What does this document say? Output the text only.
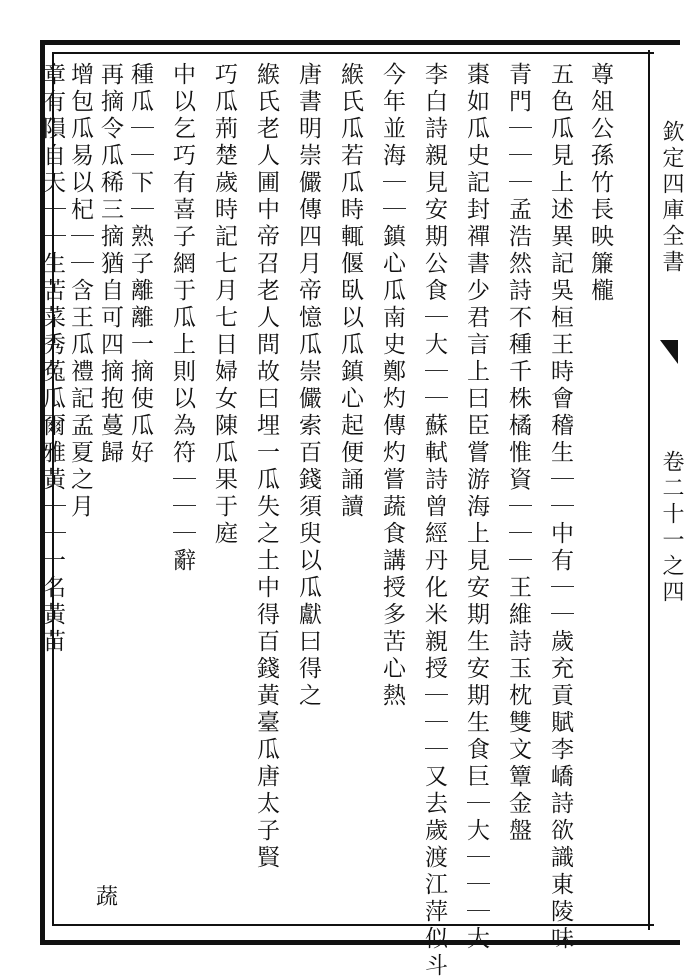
欽定四庫全書
卷二十一之四
尊俎公孫竹長映簾櫳
五色瓜見上述異記吳桓王時會稽生｜｜中有｜｜歲充貢賦李嶠詩欲識東陵味
青門｜｜｜孟浩然詩不種千株橘惟資｜｜｜王維詩玉枕雙文簟金盤
棗如瓜史記封禪書少君言上曰臣嘗游海上見安期生安期生食巨｜大｜｜｜大
李白詩親見安期公食｜大｜｜蘇軾詩曾經丹化米親授｜｜｜又去歲渡江萍似斗
今年並海｜｜鎮心瓜南史鄭灼傳灼嘗蔬食講授多苦心熱
緱氏瓜若瓜時輒偃臥以瓜鎮心起便誦讀
唐書明崇儼傳四月帝憶瓜崇儼索百錢須臾以瓜獻曰得之
緱氏老人圃中帝召老人問故曰埋一瓜失之土中得百錢黃臺瓜唐太子賢
巧瓜荊楚歲時記七月七日婦女陳瓜果于庭
中以乞巧有喜子網于瓜上則以為符｜｜｜辭
種瓜｜｜下｜熟子離離一摘使瓜好
再摘令瓜稀三摘猶自可四摘抱蔓歸
增包瓜易以杞｜｜含王瓜禮記孟夏之月
章有隕自天｜｜生苦菜秀菟瓜爾雅黃｜｜一名黃苗
蔬
